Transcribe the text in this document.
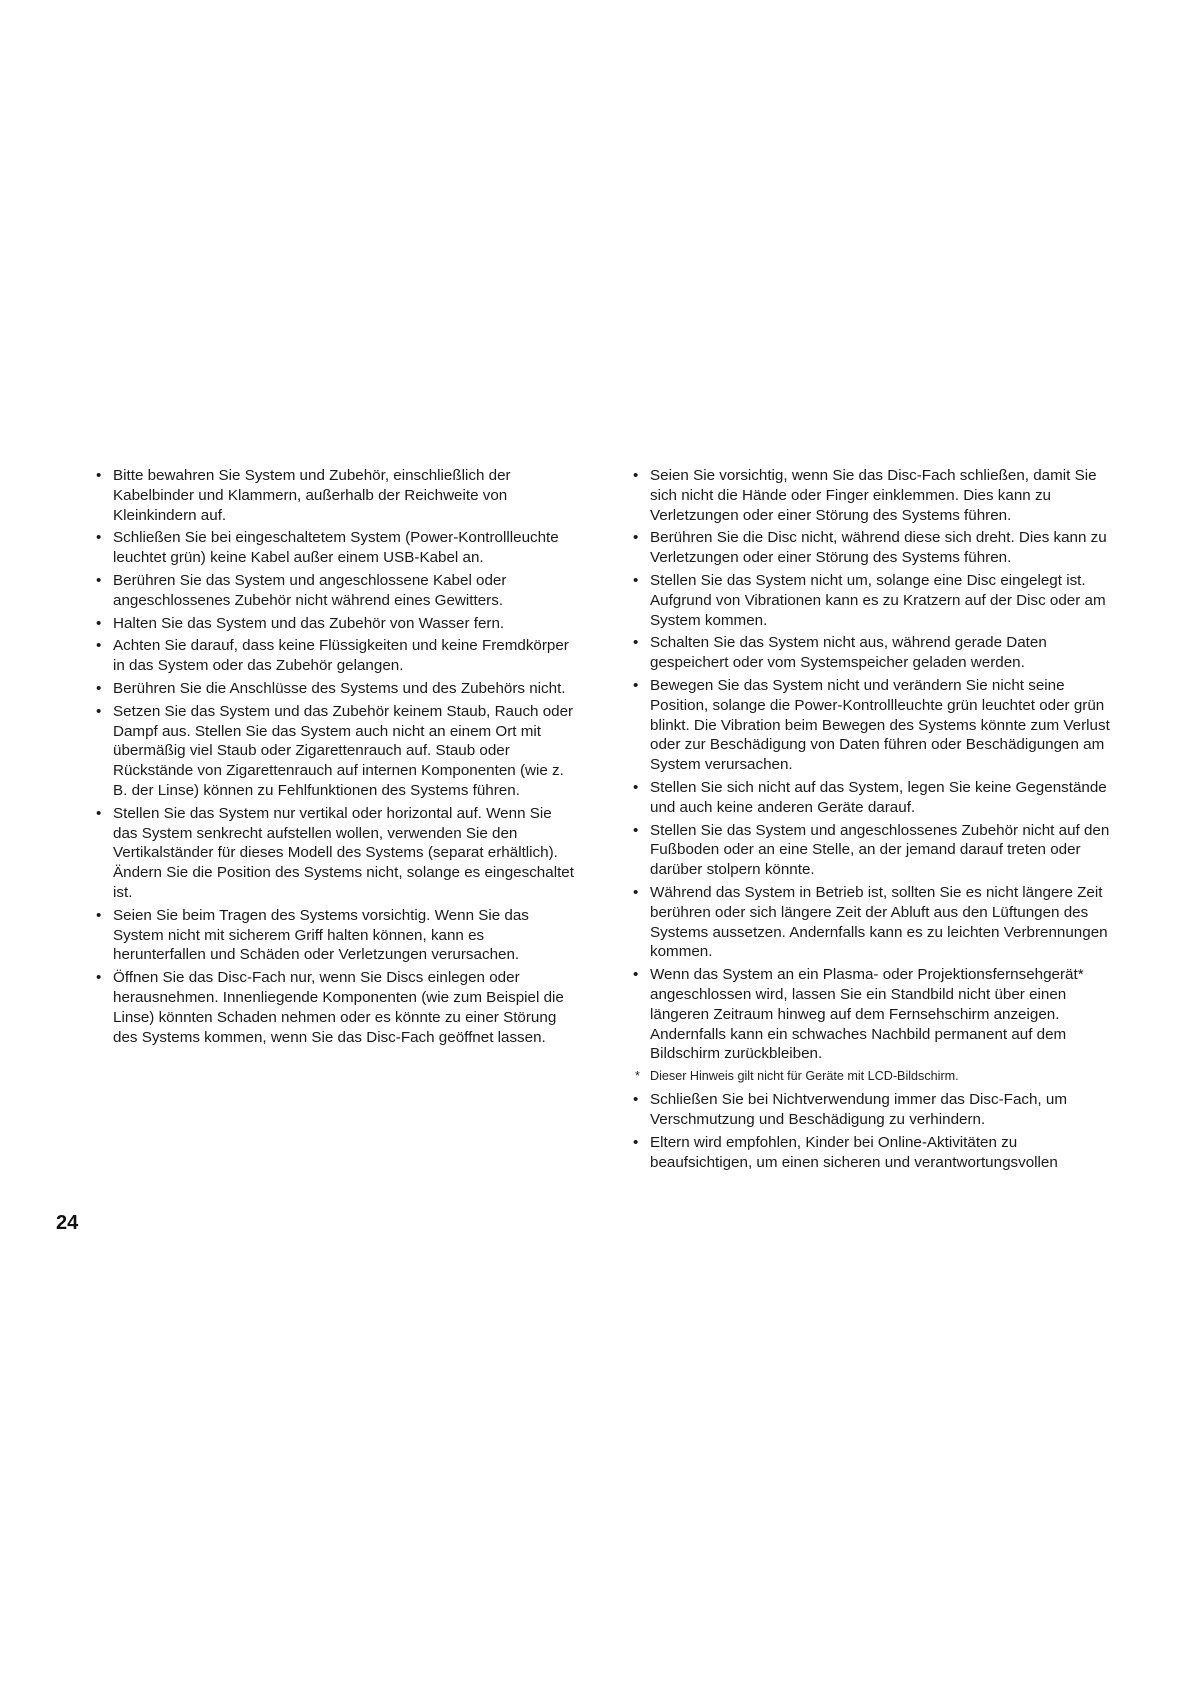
• Bitte bewahren Sie System und Zubehör, einschließlich der Kabelbinder und Klammern, außerhalb der Reichweite von Kleinkindern auf.
• Schließen Sie bei eingeschaltetem System (Power-Kontrollleuchte leuchtet grün) keine Kabel außer einem USB-Kabel an.
• Berühren Sie das System und angeschlossene Kabel oder angeschlossenes Zubehör nicht während eines Gewitters.
• Halten Sie das System und das Zubehör von Wasser fern.
• Achten Sie darauf, dass keine Flüssigkeiten und keine Fremdkörper in das System oder das Zubehör gelangen.
• Berühren Sie die Anschlüsse des Systems und des Zubehörs nicht.
• Setzen Sie das System und das Zubehör keinem Staub, Rauch oder Dampf aus. Stellen Sie das System auch nicht an einem Ort mit übermäßig viel Staub oder Zigarettenrauch auf. Staub oder Rückstände von Zigarettenrauch auf internen Komponenten (wie z. B. der Linse) können zu Fehlfunktionen des Systems führen.
• Stellen Sie das System nur vertikal oder horizontal auf. Wenn Sie das System senkrecht aufstellen wollen, verwenden Sie den Vertikalständer für dieses Modell des Systems (separat erhältlich). Ändern Sie die Position des Systems nicht, solange es eingeschaltet ist.
• Seien Sie beim Tragen des Systems vorsichtig. Wenn Sie das System nicht mit sicherem Griff halten können, kann es herunterfallen und Schäden oder Verletzungen verursachen.
• Öffnen Sie das Disc-Fach nur, wenn Sie Discs einlegen oder herausnehmen. Innenliegende Komponenten (wie zum Beispiel die Linse) könnten Schaden nehmen oder es könnte zu einer Störung des Systems kommen, wenn Sie das Disc-Fach geöffnet lassen.
• Seien Sie vorsichtig, wenn Sie das Disc-Fach schließen, damit Sie sich nicht die Hände oder Finger einklemmen. Dies kann zu Verletzungen oder einer Störung des Systems führen.
• Berühren Sie die Disc nicht, während diese sich dreht. Dies kann zu Verletzungen oder einer Störung des Systems führen.
• Stellen Sie das System nicht um, solange eine Disc eingelegt ist. Aufgrund von Vibrationen kann es zu Kratzern auf der Disc oder am System kommen.
• Schalten Sie das System nicht aus, während gerade Daten gespeichert oder vom Systemspeicher geladen werden.
• Bewegen Sie das System nicht und verändern Sie nicht seine Position, solange die Power-Kontrollleuchte grün leuchtet oder grün blinkt. Die Vibration beim Bewegen des Systems könnte zum Verlust oder zur Beschädigung von Daten führen oder Beschädigungen am System verursachen.
• Stellen Sie sich nicht auf das System, legen Sie keine Gegenstände und auch keine anderen Geräte darauf.
• Stellen Sie das System und angeschlossenes Zubehör nicht auf den Fußboden oder an eine Stelle, an der jemand darauf treten oder darüber stolpern könnte.
• Während das System in Betrieb ist, sollten Sie es nicht längere Zeit berühren oder sich längere Zeit der Abluft aus den Lüftungen des Systems aussetzen. Andernfalls kann es zu leichten Verbrennungen kommen.
• Wenn das System an ein Plasma- oder Projektionsfernsehgerät* angeschlossen wird, lassen Sie ein Standbild nicht über einen längeren Zeitraum hinweg auf dem Fernsehschirm anzeigen. Andernfalls kann ein schwaches Nachbild permanent auf dem Bildschirm zurückbleiben.
* Dieser Hinweis gilt nicht für Geräte mit LCD-Bildschirm.
• Schließen Sie bei Nichtverwendung immer das Disc-Fach, um Verschmutzung und Beschädigung zu verhindern.
• Eltern wird empfohlen, Kinder bei Online-Aktivitäten zu beaufsichtigen, um einen sicheren und verantwortungsvollen
24
